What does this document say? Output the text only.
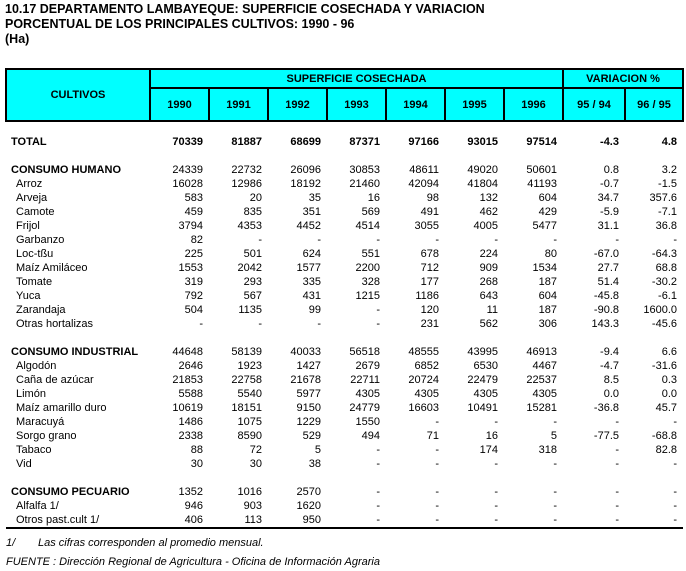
10.17 DEPARTAMENTO LAMBAYEQUE: SUPERFICIE COSECHADA Y VARIACION
PORCENTUAL DE LOS PRINCIPALES CULTIVOS: 1990 - 96
(Ha)
CULTIVOS	SUPERFICIE COSECHADA							VARIACION %	
	1990	1991	1992	1993	1994	1995	1996	95 / 94	96 / 95

TOTAL	70339	81887	68699	87371	97166	93015	97514	-4.3	4.8

CONSUMO HUMANO	24339	22732	26096	30853	48611	49020	50601	0.8	3.2
Arroz	16028	12986	18192	21460	42094	41804	41193	-0.7	-1.5
Arveja	583	20	35	16	98	132	604	34.7	357.6
Camote	459	835	351	569	491	462	429	-5.9	-7.1
Frijol	3794	4353	4452	4514	3055	4005	5477	31.1	36.8
Garbanzo	82	-	-	-	-	-	-	-	-
Loc-tßu	225	501	624	551	678	224	80	-67.0	-64.3
Maíz Amiláceo	1553	2042	1577	2200	712	909	1534	27.7	68.8
Tomate	319	293	335	328	177	268	187	51.4	-30.2
Yuca	792	567	431	1215	1186	643	604	-45.8	-6.1
Zarandaja	504	1135	99	-	120	11	187	-90.8	1600.0
Otras hortalizas	-	-	-	-	231	562	306	143.3	-45.6

CONSUMO INDUSTRIAL	44648	58139	40033	56518	48555	43995	46913	-9.4	6.6
Algodón	2646	1923	1427	2679	6852	6530	4467	-4.7	-31.6
Caña de azúcar	21853	22758	21678	22711	20724	22479	22537	8.5	0.3
Limón	5588	5540	5977	4305	4305	4305	4305	0.0	0.0
Maíz amarillo duro	10619	18151	9150	24779	16603	10491	15281	-36.8	45.7
Maracuyá	1486	1075	1229	1550	-	-	-	-	-
Sorgo grano	2338	8590	529	494	71	16	5	-77.5	-68.8
Tabaco	88	72	5	-	-	174	318	-	82.8
Vid	30	30	38	-	-	-	-	-	-

CONSUMO PECUARIO	1352	1016	2570	-	-	-	-	-	-
Alfalfa 1/	946	903	1620	-	-	-	-	-	-
Otros past.cult 1/	406	113	950	-	-	-	-	-	-
1/ Las cifras corresponden al promedio mensual.
FUENTE : Dirección Regional de Agricultura - Oficina de Información Agraria
